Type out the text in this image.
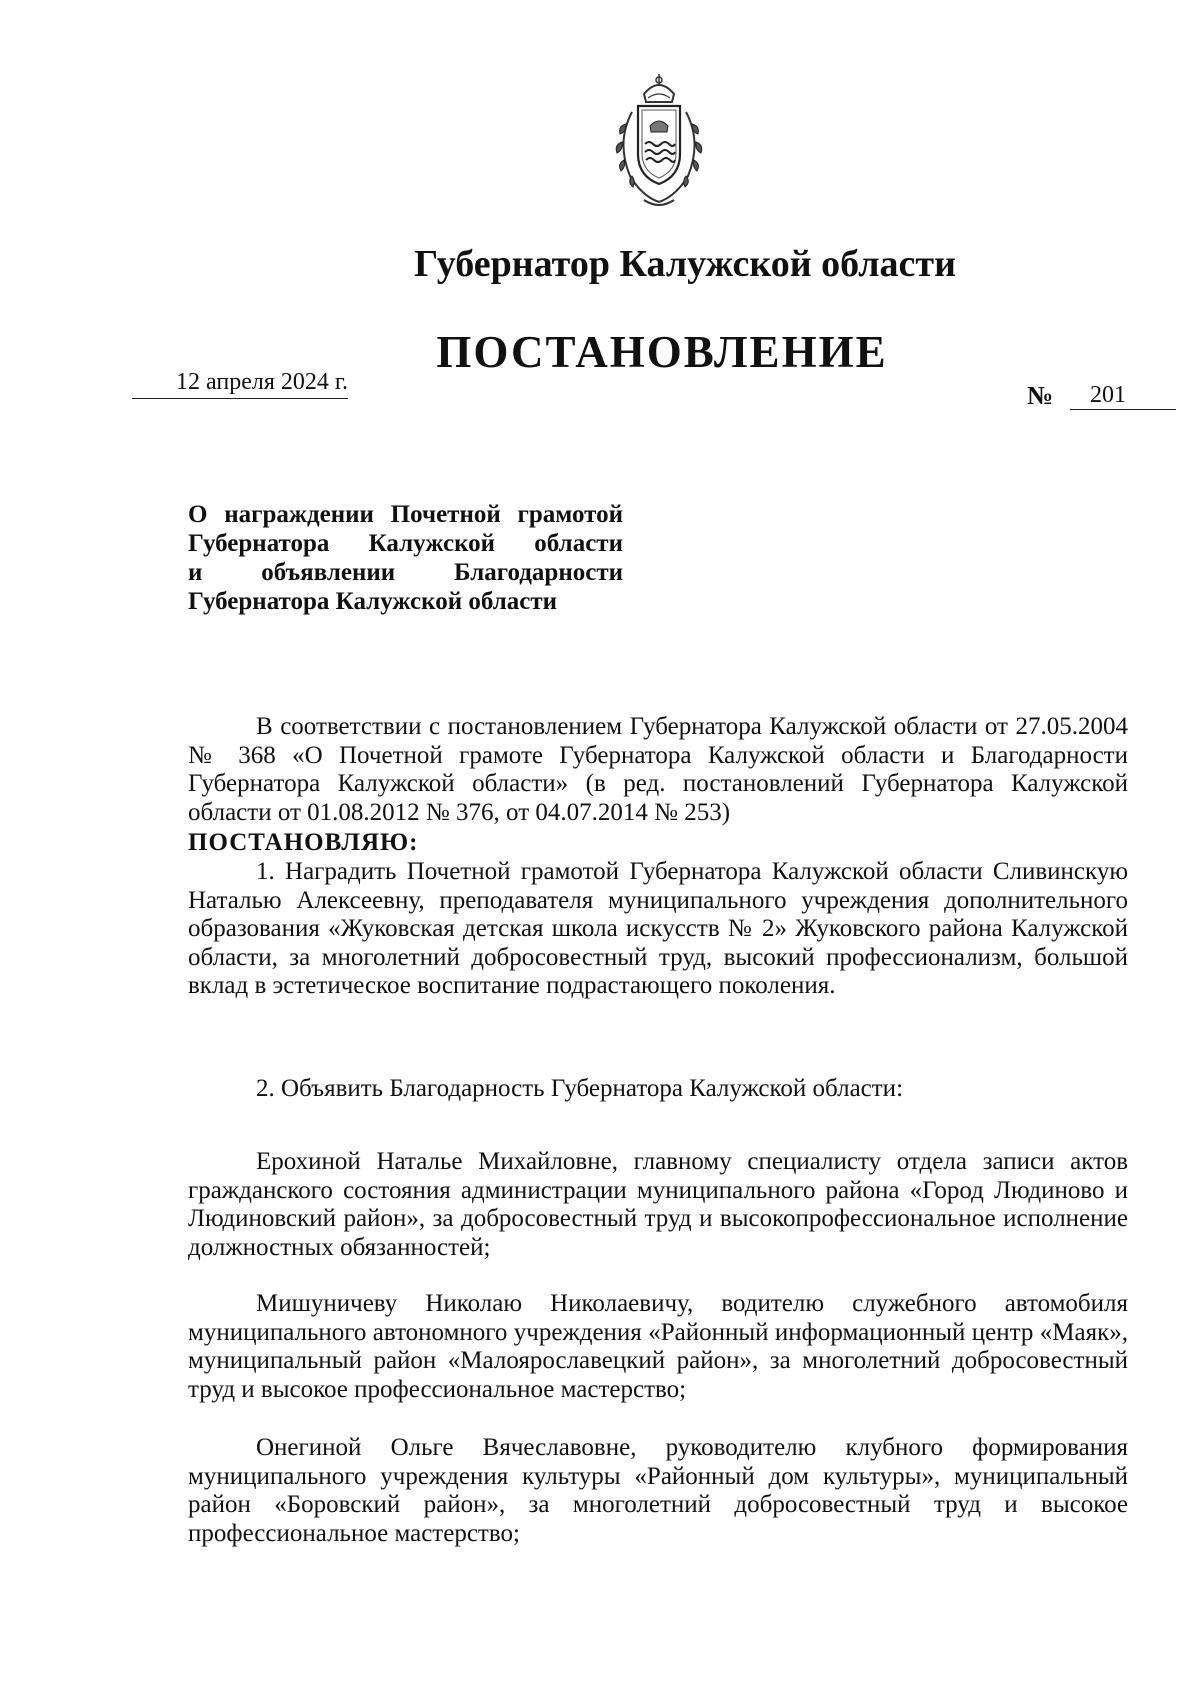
Губернатор Калужской области
ПОСТАНОВЛЕНИЕ
12 апреля 2024 г.	№	201
О награждении Почетной грамотой
Губернатора Калужской области
и объявлении Благодарности
Губернатора Калужской области

В соответствии с постановлением Губернатора Калужской области от 27.05.2004 № 368 «О Почетной грамоте Губернатора Калужской области и Благодарности Губернатора Калужской области» (в ред. постановлений Губернатора Калужской области от 01.08.2012 № 376, от 04.07.2014 № 253)

ПОСТАНОВЛЯЮ:

1. Наградить Почетной грамотой Губернатора Калужской области Сливинскую Наталью Алексеевну, преподавателя муниципального учреждения дополнительного образования «Жуковская детская школа искусств № 2» Жуковского района Калужской области, за многолетний добросовестный труд, высокий профессионализм, большой вклад в эстетическое воспитание подрастающего поколения.

2. Объявить Благодарность Губернатора Калужской области:

Ерохиной Наталье Михайловне, главному специалисту отдела записи актов гражданского состояния администрации муниципального района «Город Людиново и Людиновский район», за добросовестный труд и высокопрофессиональное исполнение должностных обязанностей;

Мишуничеву Николаю Николаевичу, водителю служебного автомобиля муниципального автономного учреждения «Районный информационный центр «Маяк», муниципальный район «Малоярославецкий район», за многолетний добросовестный труд и высокое профессиональное мастерство;

Онегиной Ольге Вячеславовне, руководителю клубного формирования муниципального учреждения культуры «Районный дом культуры», муниципальный район «Боровский район», за многолетний добросовестный труд и высокое профессиональное мастерство;
